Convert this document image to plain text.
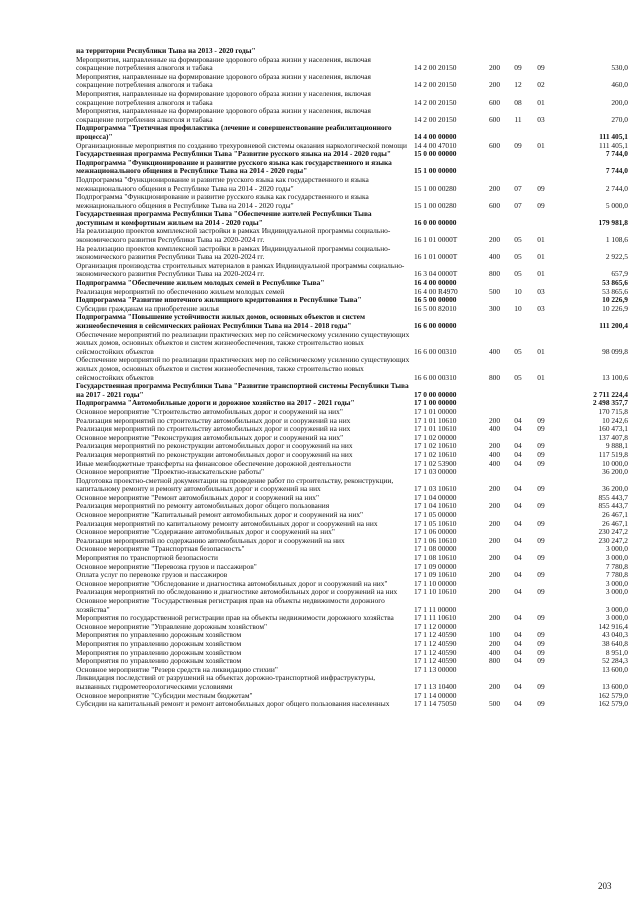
на территории Республики Тыва на 2013 - 2020 годы"					
Мероприятия, направленные на формирование здорового образа жизни у населения, включая сокращение потребления алкоголя и табака	14 2 00 20150	200	09	09	530,0
Мероприятия, направленные на формирование здорового образа жизни у населения, включая сокращение потребления алкоголя и табака	14 2 00 20150	200	12	02	460,0
Мероприятия, направленные на формирование здорового образа жизни у населения, включая сокращение потребления алкоголя и табака	14 2 00 20150	600	08	01	200,0
Мероприятия, направленные на формирование здорового образа жизни у населения, включая сокращение потребления алкоголя и табака	14 2 00 20150	600	11	03	270,0
Подпрограмма "Третичная профилактика (лечение и совершенствование реабилитационного процесса)"	14 4 00 00000				111 405,1
Организационные мероприятия по созданию трехуровневой системы оказания наркологической помощи	14 4 00 47010	600	09	01	111 405,1
Государственная программа Республики Тыва "Развитие русского языка на 2014 - 2020 годы"	15 0 00 00000				7 744,0
Подпрограмма "Функционирование и развитие русского языка как государственного и языка межнационального общения в Республике Тыва на 2014 - 2020 годы"	15 1 00 00000				7 744,0
Подпрограмма "Функционирование и развитие русского языка как государственного и языка межнационального общения в Республике Тыва на 2014 - 2020 годы"	15 1 00 00280	200	07	09	2 744,0
Подпрограмма "Функционирование и развитие русского языка как государственного и языка межнационального общения в Республике Тыва на 2014 - 2020 годы"	15 1 00 00280	600	07	09	5 000,0
Государственная программа Республики Тыва "Обеспечение жителей Республики Тыва доступным и комфортным жильем на 2014 - 2020 годы"	16 0 00 00000				179 981,8
На реализацию проектов комплексной застройки в рамках Индивидуальной программы социально-экономического развития Республики Тыва на 2020-2024 гг.	16 1 01 0000Т	200	05	01	1 108,6
На реализацию проектов комплексной застройки в рамках Индивидуальной программы социально-экономического развития Республики Тыва на 2020-2024 гг.	16 1 01 0000Т	400	05	01	2 922,5
Организация производства строительных материалов в рамках Индивидуальной программы социально-экономического развития Республики Тыва на 2020-2024 гг.	16 3 04 0000Т	800	05	01	657,9
Подпрограмма "Обеспечение жильем молодых семей в Республике Тыва"	16 4 00 00000				53 865,6
Реализация мероприятий по обеспечению жильем молодых семей	16 4 00 R4970	500	10	03	53 865,6
Подпрограмма "Развитие ипотечного жилищного кредитования в Республике Тыва"	16 5 00 00000				10 226,9
Субсидии гражданам на приобретение жилья	16 5 00 82010	300	10	03	10 226,9
Подпрограмма "Повышение устойчивости жилых домов, основных объектов и систем жизнеобеспечения в сейсмических районах Республики Тыва на 2014 - 2018 годы"	16 6 00 00000				111 200,4
Обеспечение мероприятий по реализации практических мер по сейсмическому усилению существующих жилых домов, основных объектов и систем жизнеобеспечения, также строительство новых сейсмостойких объектов	16 6 00 00310	400	05	01	98 099,8
Обеспечение мероприятий по реализации практических мер по сейсмическому усилению существующих жилых домов, основных объектов и систем жизнеобеспечения, также строительство новых сейсмостойких объектов	16 6 00 00310	800	05	01	13 100,6
Государственная программа Республики Тыва "Развитие транспортной системы Республики Тыва на 2017 - 2021 годы"	17 0 00 00000				2 711 224,4
Подпрограмма "Автомобильные дороги и дорожное хозяйство на 2017 - 2021 годы"	17 1 00 00000				2 498 357,7
Основное мероприятие "Строительство автомобильных дорог и сооружений на них"	17 1 01 00000				170 715,8
Реализация мероприятий по строительству автомобильных дорог и сооружений на них	17 1 01 10610	200	04	09	10 242,6
Реализация мероприятий по строительству автомобильных дорог и сооружений на них	17 1 01 10610	400	04	09	160 473,1
Основное мероприятие "Реконструкция автомобильных дорог и сооружений на них"	17 1 02 00000				137 407,8
Реализация мероприятий по реконструкции автомобильных дорог и сооружений на них	17 1 02 10610	200	04	09	9 888,1
Реализация мероприятий по реконструкции автомобильных дорог и сооружений на них	17 1 02 10610	400	04	09	117 519,8
Иные межбюджетные трансферты на финансовое обеспечение дорожной деятельности	17 1 02 53900	400	04	09	10 000,0
Основное мероприятие "Проектно-изыскательские работы"	17 1 03 00000				36 200,0
Подготовка проектно-сметной документации на проведение работ по строительству, реконструкции, капитальному ремонту и ремонту автомобильных дорог и сооружений на них	17 1 03 10610	200	04	09	36 200,0
Основное мероприятие "Ремонт автомобильных дорог и сооружений на них"	17 1 04 00000				855 443,7
Реализация мероприятий по ремонту автомобильных дорог общего пользования	17 1 04 10610	200	04	09	855 443,7
Основное мероприятие "Капитальный ремонт автомобильных дорог и сооружений на них"	17 1 05 00000				26 467,1
Реализация мероприятий по капитальному ремонту автомобильных дорог и сооружений на них	17 1 05 10610	200	04	09	26 467,1
Основное мероприятие "Содержание автомобильных дорог и сооружений на них"	17 1 06 00000				230 247,2
Реализация мероприятий по содержанию автомобильных дорог и сооружений на них	17 1 06 10610	200	04	09	230 247,2
Основное мероприятие "Транспортная безопасность"	17 1 08 00000				3 000,0
Мероприятия по транспортной безопасности	17 1 08 10610	200	04	09	3 000,0
Основное мероприятие "Перевозка грузов и пассажиров"	17 1 09 00000				7 780,8
Оплата услуг по перевозке грузов и пассажиров	17 1 09 10610	200	04	09	7 780,8
Основное мероприятие "Обследование и диагностика автомобильных дорог и сооружений на них"	17 1 10 00000				3 000,0
Реализация мероприятий по обследованию и диагностике автомобильных дорог и сооружений на них	17 1 10 10610	200	04	09	3 000,0
Основное мероприятие "Государственная регистрация прав на объекты недвижимости дорожного хозяйства"	17 1 11 00000				3 000,0
Мероприятия по государственной регистрации прав на объекты недвижимости дорожного хозяйства	17 1 11 10610	200	04	09	3 000,0
Основное мероприятие "Управление дорожным хозяйством"	17 1 12 00000				142 916,4
Мероприятия по управлению дорожным хозяйством	17 1 12 40590	100	04	09	43 040,3
Мероприятия по управлению дорожным хозяйством	17 1 12 40590	200	04	09	38 640,8
Мероприятия по управлению дорожным хозяйством	17 1 12 40590	400	04	09	8 951,0
Мероприятия по управлению дорожным хозяйством	17 1 12 40590	800	04	09	52 284,3
Основное мероприятие "Резерв средств на ликвидацию стихии"	17 1 13 00000				13 600,0
Ликвидация последствий от разрушений на объектах дорожно-транспортной инфраструктуры, вызванных гидрометеорологическими условиями	17 1 13 10400	200	04	09	13 600,0
Основное мероприятие "Субсидии местным бюджетам"	17 1 14 00000				162 579,0
Субсидии на капитальный ремонт и ремонт автомобильных дорог общего пользования населенных	17 1 14 75050	500	04	09	162 579,0
203
